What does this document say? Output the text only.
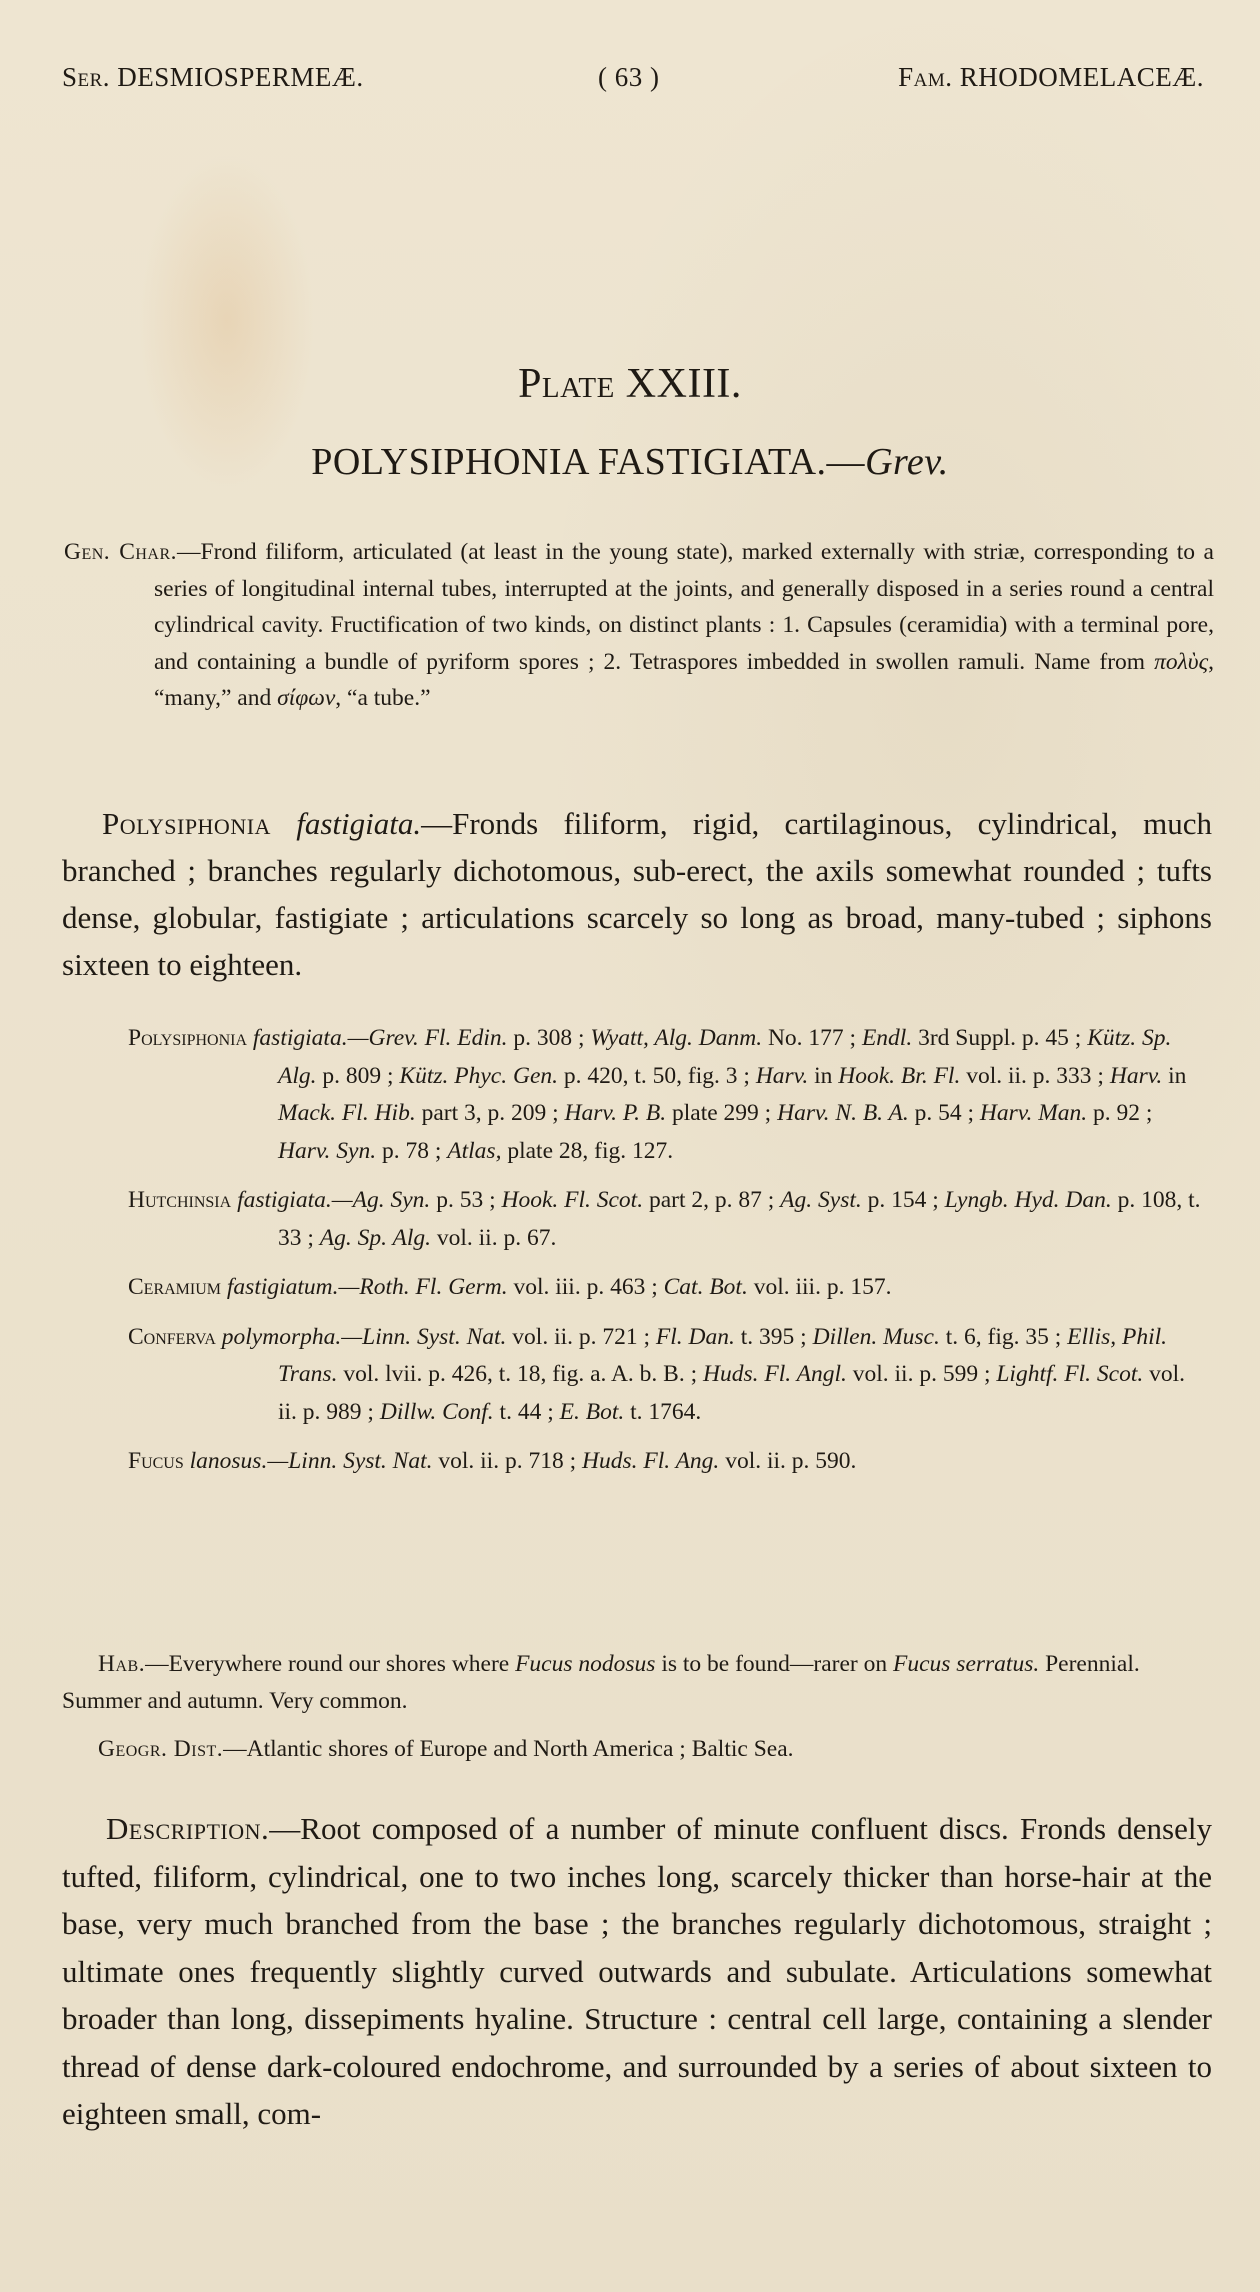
Ser. DESMIOSPERMEÆ.	( 63 )	Fam. RHODOMELACEÆ.
Plate XXIII.
POLYSIPHONIA FASTIGIATA.—Grev.

Gen. Char.—Frond filiform, articulated (at least in the young state), marked externally with striæ, corresponding to a series of longitudinal internal tubes, interrupted at the joints, and generally disposed in a series round a central cylindrical cavity. Fructification of two kinds, on distinct plants : 1. Capsules (ceramidia) with a terminal pore, and containing a bundle of pyriform spores ; 2. Tetraspores imbedded in swollen ramuli. Name from πολὺς, “many,” and σίφων, “a tube.”

Polysiphonia fastigiata.—Fronds filiform, rigid, cartilaginous, cylindrical, much branched ; branches regularly dichotomous, sub-erect, the axils somewhat rounded ; tufts dense, globular, fastigiate ; articulations scarcely so long as broad, many-tubed ; siphons sixteen to eighteen.

Polysiphonia fastigiata.—Grev. Fl. Edin. p. 308 ; Wyatt, Alg. Danm. No. 177 ; Endl. 3rd Suppl. p. 45 ; Kütz. Sp. Alg. p. 809 ; Kütz. Phyc. Gen. p. 420, t. 50, fig. 3 ; Harv. in Hook. Br. Fl. vol. ii. p. 333 ; Harv. in Mack. Fl. Hib. part 3, p. 209 ; Harv. P. B. plate 299 ; Harv. N. B. A. p. 54 ; Harv. Man. p. 92 ; Harv. Syn. p. 78 ; Atlas, plate 28, fig. 127.

Hutchinsia fastigiata.—Ag. Syn. p. 53 ; Hook. Fl. Scot. part 2, p. 87 ; Ag. Syst. p. 154 ; Lyngb. Hyd. Dan. p. 108, t. 33 ; Ag. Sp. Alg. vol. ii. p. 67.

Ceramium fastigiatum.—Roth. Fl. Germ. vol. iii. p. 463 ; Cat. Bot. vol. iii. p. 157.

Conferva polymorpha.—Linn. Syst. Nat. vol. ii. p. 721 ; Fl. Dan. t. 395 ; Dillen. Musc. t. 6, fig. 35 ; Ellis, Phil. Trans. vol. lvii. p. 426, t. 18, fig. a. A. b. B. ; Huds. Fl. Angl. vol. ii. p. 599 ; Lightf. Fl. Scot. vol. ii. p. 989 ; Dillw. Conf. t. 44 ; E. Bot. t. 1764.

Fucus lanosus.—Linn. Syst. Nat. vol. ii. p. 718 ; Huds. Fl. Ang. vol. ii. p. 590.

Hab.—Everywhere round our shores where Fucus nodosus is to be found—rarer on Fucus serratus. Perennial. Summer and autumn. Very common.

Geogr. Dist.—Atlantic shores of Europe and North America ; Baltic Sea.

Description.—Root composed of a number of minute confluent discs. Fronds densely tufted, filiform, cylindrical, one to two inches long, scarcely thicker than horse-hair at the base, very much branched from the base ; the branches regularly dichotomous, straight ; ultimate ones frequently slightly curved outwards and subulate. Articulations somewhat broader than long, dissepiments hyaline. Structure : central cell large, containing a slender thread of dense dark-coloured endochrome, and surrounded by a series of about sixteen to eighteen small, com-
